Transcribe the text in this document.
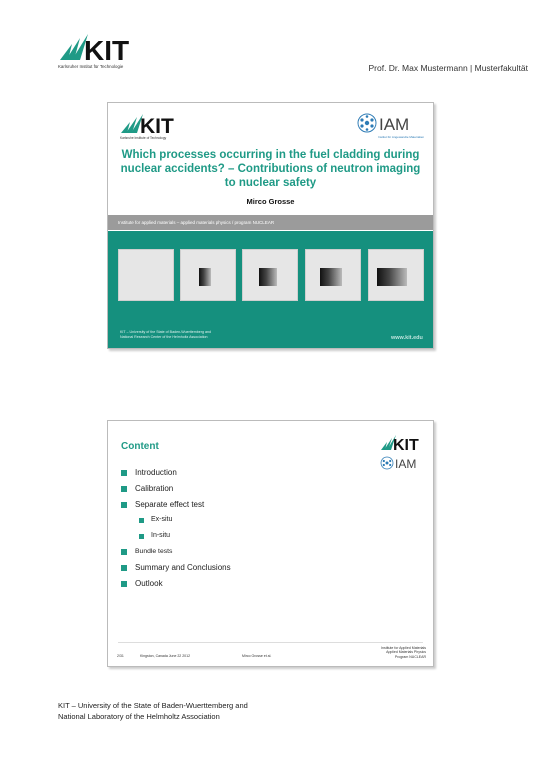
KIT
Karlsruher Institut für Technologie	Prof. Dr. Max Mustermann | Musterfakultät
KIT
Karlsruhe Institute of Technology
IAM
Institut für Angewandte Materialien
Which processes occurring in the fuel cladding during nuclear accidents? – Contributions of neutron imaging to nuclear safety
Mirco Grosse
Institute for applied materials – applied materials physics / program NUCLEAR
KIT – University of the State of Baden-Wuerttemberg and
National Research Center of the Helmholtz Association	www.kit.edu
Content	KIT
IAM
Introduction
Calibration
Separate effect test
Ex-situ
In-situ
Bundle tests
Summary and Conclusions
Outlook
2/31	Kingston, Canada June 22 2012	Mirco Grosse et al.
Institute for Applied Materials
Applied Materials Physics
Program NUCLEAR
KIT – University of the State of Baden-Wuerttemberg and
National Laboratory of the Helmholtz Association
